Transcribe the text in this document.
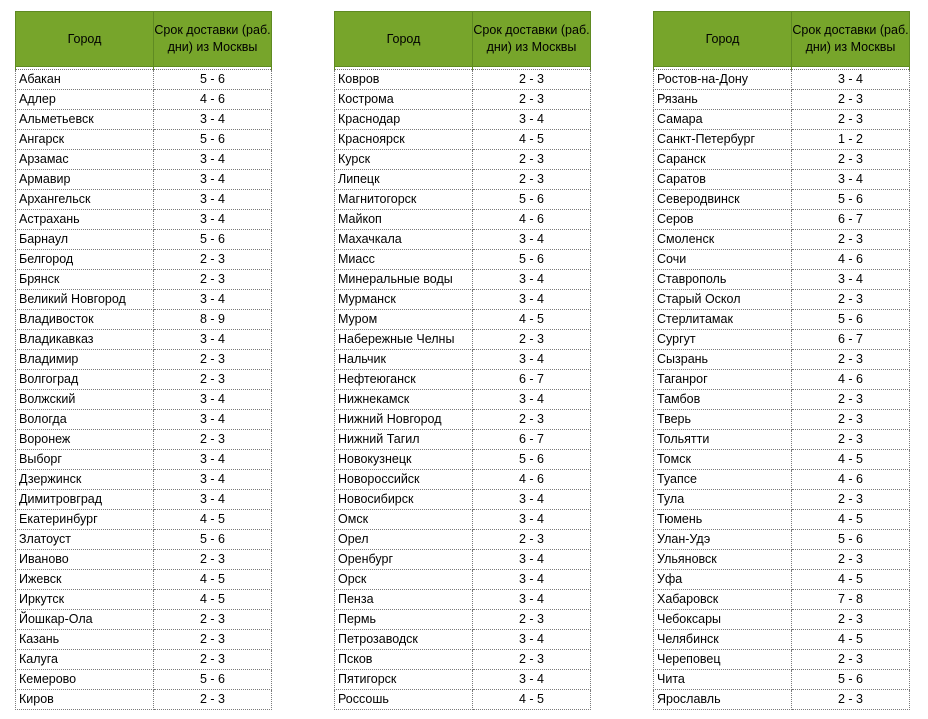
Город	Срок доставки (раб. дни) из Москвы

Абакан	5 - 6
Адлер	4 - 6
Альметьевск	3 - 4
Ангарск	5 - 6
Арзамас	3 - 4
Армавир	3 - 4
Архангельск	3 - 4
Астрахань	3 - 4
Барнаул	5 - 6
Белгород	2 - 3
Брянск	2 - 3
Великий Новгород	3 - 4
Владивосток	8 - 9
Владикавказ	3 - 4
Владимир	2 - 3
Волгоград	2 - 3
Волжский	3 - 4
Вологда	3 - 4
Воронеж	2 - 3
Выборг	3 - 4
Дзержинск	3 - 4
Димитровград	3 - 4
Екатеринбург	4 - 5
Златоуст	5 - 6
Иваново	2 - 3
Ижевск	4 - 5
Иркутск	4 - 5
Йошкар-Ола	2 - 3
Казань	2 - 3
Калуга	2 - 3
Кемерово	5 - 6
Киров	2 - 3
Город	Срок доставки (раб. дни) из Москвы

Ковров	2 - 3
Кострома	2 - 3
Краснодар	3 - 4
Красноярск	4 - 5
Курск	2 - 3
Липецк	2 - 3
Магнитогорск	5 - 6
Майкоп	4 - 6
Махачкала	3 - 4
Миасс	5 - 6
Минеральные воды	3 - 4
Мурманск	3 - 4
Муром	4 - 5
Набережные Челны	2 - 3
Нальчик	3 - 4
Нефтеюганск	6 - 7
Нижнекамск	3 - 4
Нижний Новгород	2 - 3
Нижний Тагил	6 - 7
Новокузнецк	5 - 6
Новороссийск	4 - 6
Новосибирск	3 - 4
Омск	3 - 4
Орел	2 - 3
Оренбург	3 - 4
Орск	3 - 4
Пенза	3 - 4
Пермь	2 - 3
Петрозаводск	3 - 4
Псков	2 - 3
Пятигорск	3 - 4
Россошь	4 - 5
Город	Срок доставки (раб. дни) из Москвы

Ростов-на-Дону	3 - 4
Рязань	2 - 3
Самара	2 - 3
Санкт-Петербург	1 - 2
Саранск	2 - 3
Саратов	3 - 4
Северодвинск	5 - 6
Серов	6 - 7
Смоленск	2 - 3
Сочи	4 - 6
Ставрополь	3 - 4
Старый Оскол	2 - 3
Стерлитамак	5 - 6
Сургут	6 - 7
Сызрань	2 - 3
Таганрог	4 - 6
Тамбов	2 - 3
Тверь	2 - 3
Тольятти	2 - 3
Томск	4 - 5
Туапсе	4 - 6
Тула	2 - 3
Тюмень	4 - 5
Улан-Удэ	5 - 6
Ульяновск	2 - 3
Уфа	4 - 5
Хабаровск	7 - 8
Чебоксары	2 - 3
Челябинск	4 - 5
Череповец	2 - 3
Чита	5 - 6
Ярославль	2 - 3
